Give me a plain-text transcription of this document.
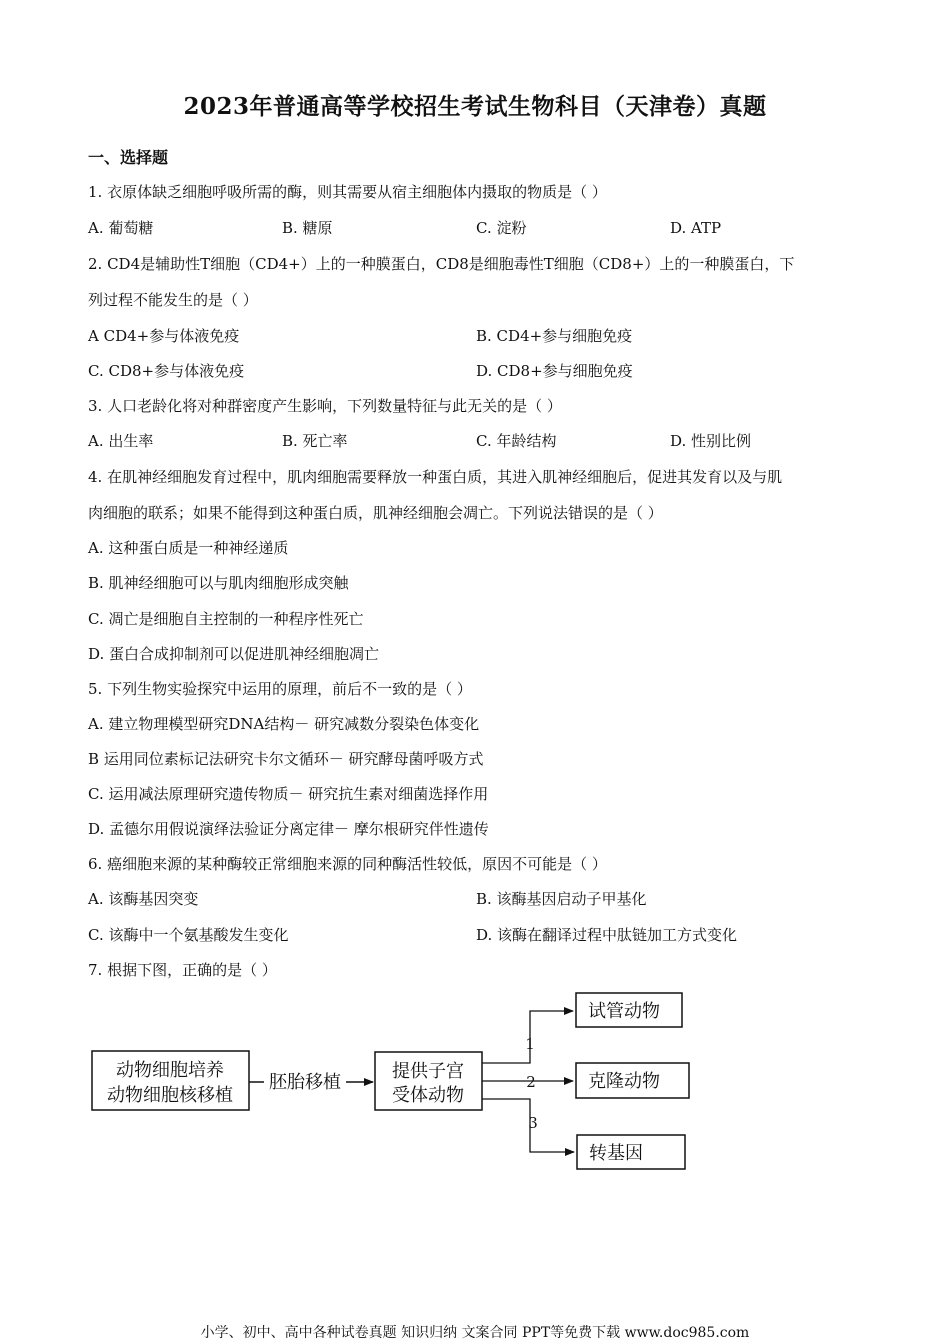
2023年普通高等学校招生考试生物科目（天津卷）真题
一、选择题
1. 衣原体缺乏细胞呼吸所需的酶，则其需要从宿主细胞体内摄取的物质是（ ）
A. 葡萄糖	B. 糖原	C. 淀粉	D. ATP
2. CD4是辅助性T细胞（CD4+）上的一种膜蛋白，CD8是细胞毒性T细胞（CD8+）上的一种膜蛋白，下
列过程不能发生的是（ ）
A CD4+参与体液免疫	B. CD4+参与细胞免疫
C. CD8+参与体液免疫	D. CD8+参与细胞免疫
3. 人口老龄化将对种群密度产生影响，下列数量特征与此无关的是（ ）
A. 出生率	B. 死亡率	C. 年龄结构	D. 性别比例
4. 在肌神经细胞发育过程中，肌肉细胞需要释放一种蛋白质，其进入肌神经细胞后，促进其发育以及与肌
肉细胞的联系；如果不能得到这种蛋白质，肌神经细胞会凋亡。下列说法错误的是（ ）
A. 这种蛋白质是一种神经递质
B. 肌神经细胞可以与肌肉细胞形成突触
C. 凋亡是细胞自主控制的一种程序性死亡
D. 蛋白合成抑制剂可以促进肌神经细胞凋亡
5. 下列生物实验探究中运用的原理，前后不一致的是（ ）
A. 建立物理模型研究DNA结构－ 研究减数分裂染色体变化
B 运用同位素标记法研究卡尔文循环－ 研究酵母菌呼吸方式
C. 运用减法原理研究遗传物质－ 研究抗生素对细菌选择作用
D. 孟德尔用假说演绎法验证分离定律－ 摩尔根研究伴性遗传
6. 癌细胞来源的某种酶较正常细胞来源的同种酶活性较低，原因不可能是（ ）
A. 该酶基因突变	B. 该酶基因启动子甲基化
C. 该酶中一个氨基酸发生变化	D. 该酶在翻译过程中肽链加工方式变化
7. 根据下图，正确的是（ ）
动物细胞培养
动物细胞核移植
胚胎移植
提供子宫
受体动物
1
2
3
试管动物
克隆动物
转基因
小学、初中、高中各种试卷真题 知识归纳 文案合同 PPT等免费下载 www.doc985.com
